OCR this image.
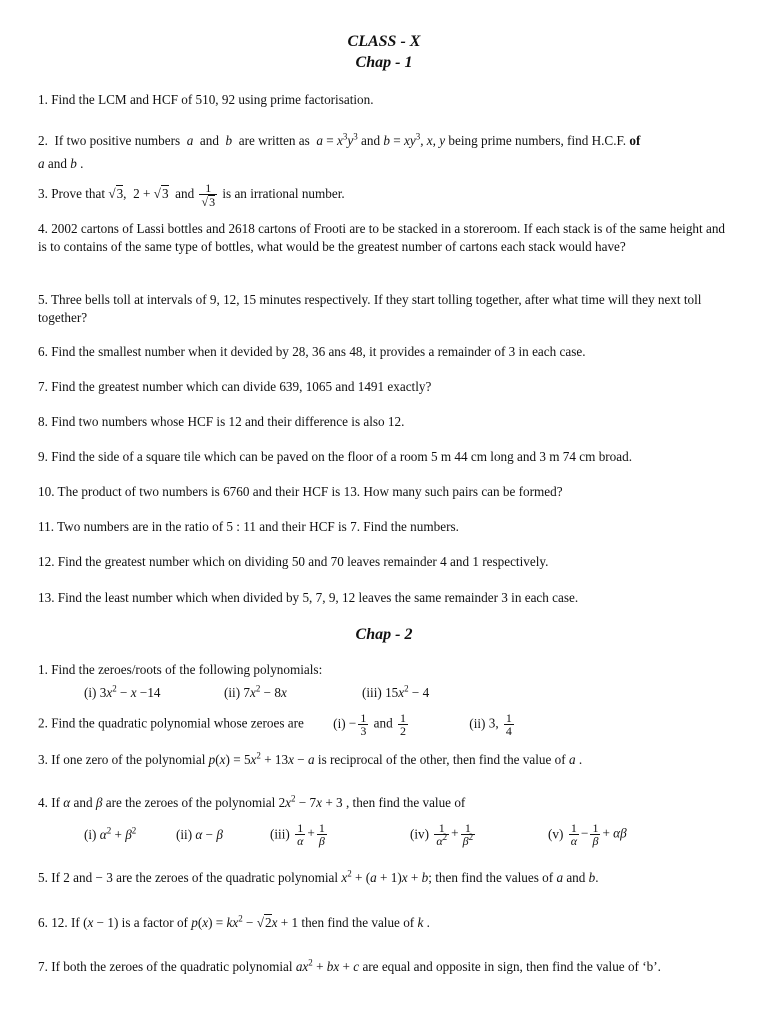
CLASS - X
Chap - 1
1. Find the LCM and HCF of 510, 92 using prime factorisation.
2. If two positive numbers  a  and  b  are written as  $a = x^3y^3$ and $b = xy^3$, x, y being prime numbers, find H.C.F. of
a and b .
3. Prove that √3,  2 + √3 and $\frac{1}{√3}$ is an irrational number.
4. 2002 cartons of Lassi bottles and 2618 cartons of Frooti are to be stacked in a storeroom. If each stack is of the same height and is to contains of the same type of bottles, what would be the greatest number of cartons each stack would have?
5. Three bells toll at intervals of 9, 12, 15 minutes respectively. If they start tolling together, after what time will they next toll together?
6. Find the smallest number when it devided by 28, 36 ans 48, it provides a remainder of 3 in each case.
7. Find the greatest number which can divide 639, 1065 and 1491 exactly?
8. Find two numbers whose HCF is 12 and their difference is also 12.
9. Find the side of a square tile which can be paved on the floor of a room 5 m 44 cm long and 3 m 74 cm broad.
10. The product of two numbers is 6760 and their HCF is 13. How many such pairs can be formed?
11. Two numbers are in the ratio of 5 : 11 and their HCF is 7. Find the numbers.
12. Find the greatest number which on dividing 50 and 70 leaves remainder 4 and 1 respectively.
13. Find the least number which when divided by 5, 7, 9, 12 leaves the same remainder 3 in each case.
Chap - 2
1. Find the zeroes/roots of the following polynomials:
(i) $3x^2 - x -14$	(ii) $7x^2 - 8x$	(iii) $15x^2 - 4$
2. Find the quadratic polynomial whose zeroes are $(i) - \frac{1}{3}$ and $\frac{1}{2}$	(ii) 3, $\frac{1}{4}$
3. If one zero of the polynomial $p(x) = 5x^2 + 13x - a$ is reciprocal of the other, then find the value of a .
4. If α and β are the zeroes of the polynomial $2x^2 - 7x + 3$ , then find the value of
(i) $\alpha^2 + \beta^2$	(ii) α − β	$(iii) \frac{1}{\alpha} + \frac{1}{\beta}$	$(iv) \frac{1}{\alpha^2} + \frac{1}{\beta^2}$	$(v) \frac{1}{\alpha} - \frac{1}{\beta} + \alpha\beta$
5. If 2 and − 3 are the zeroes of the quadratic polynomial $x^2 + (a + 1)x + b$; then find the values of a and b.
6. 12. If (x − 1) is a factor of $p(x) = kx^2 - √2x + 1$ then find the value of k .
7. If both the zeroes of the quadratic polynomial $ax^2$ + bx + c are equal and opposite in sign, then find the value of ‘b’.
